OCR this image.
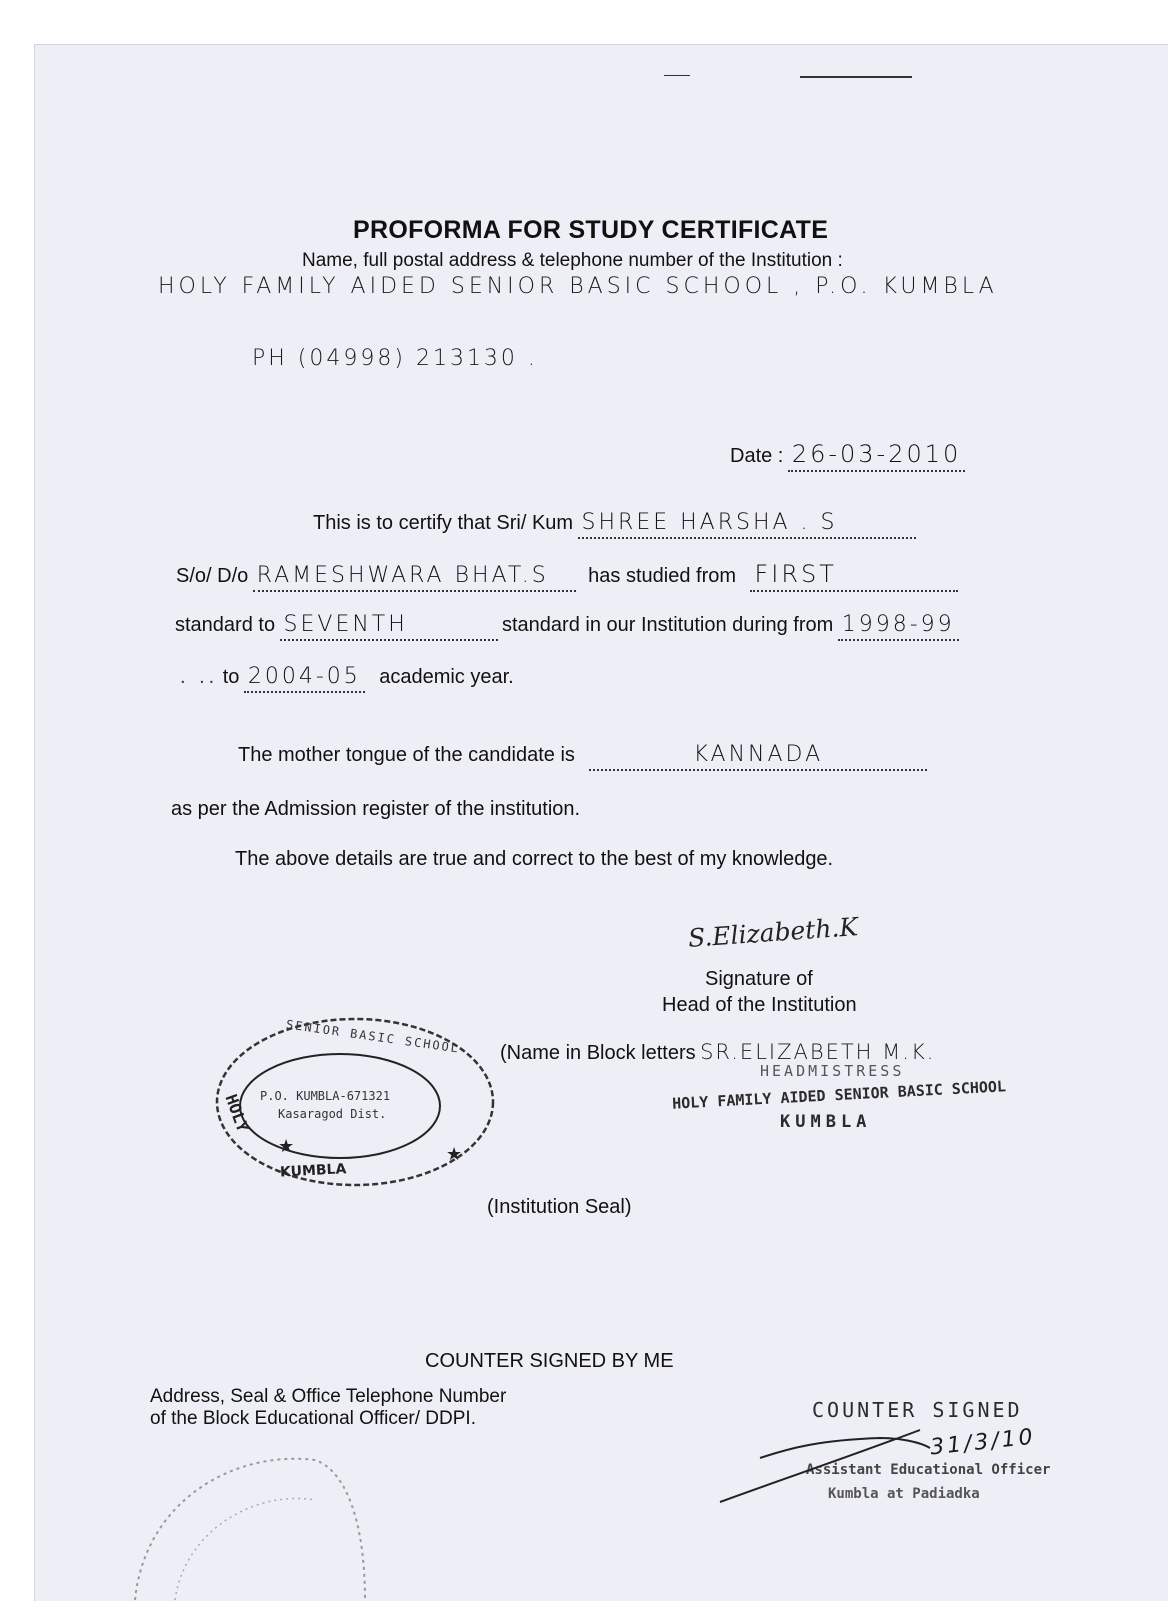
PROFORMA FOR STUDY CERTIFICATE
Name, full postal address & telephone number of the Institution :
HOLY FAMILY AIDED SENIOR BASIC SCHOOL , P.O. KUMBLA
PH (04998) 213130 .
Date : 26-03-2010
This is to certify that Sri/ Kum SHREE HARSHA . S
S/o/ D/o RAMESHWARA BHAT.S has studied from FIRST
standard to SEVENTH	standard in our Institution during from 1998-99
. .. to 2004-05 academic year.
The mother tongue of the candidate is	KANNADA
as per the Admission register of the institution.
The above details are true and correct to the best of my knowledge.
S.Elizabeth.K
Signature of
Head of the Institution
(Name in Block letters SR.ELIZABETH M.K.
HEADMISTRESS
HOLY FAMILY AIDED SENIOR BASIC SCHOOL
KUMBLA
SENIOR BASIC SCHOOL
HOLY P.O. KUMBLA-671321
Kasaragod Dist.
KUMBLA
★	★
(Institution Seal)
COUNTER SIGNED BY ME
Address, Seal & Office Telephone Number
of the Block Educational Officer/ DDPI.	COUNTER SIGNED
31/3/10
Assistant Educational Officer
Kumbla at Padiadka
